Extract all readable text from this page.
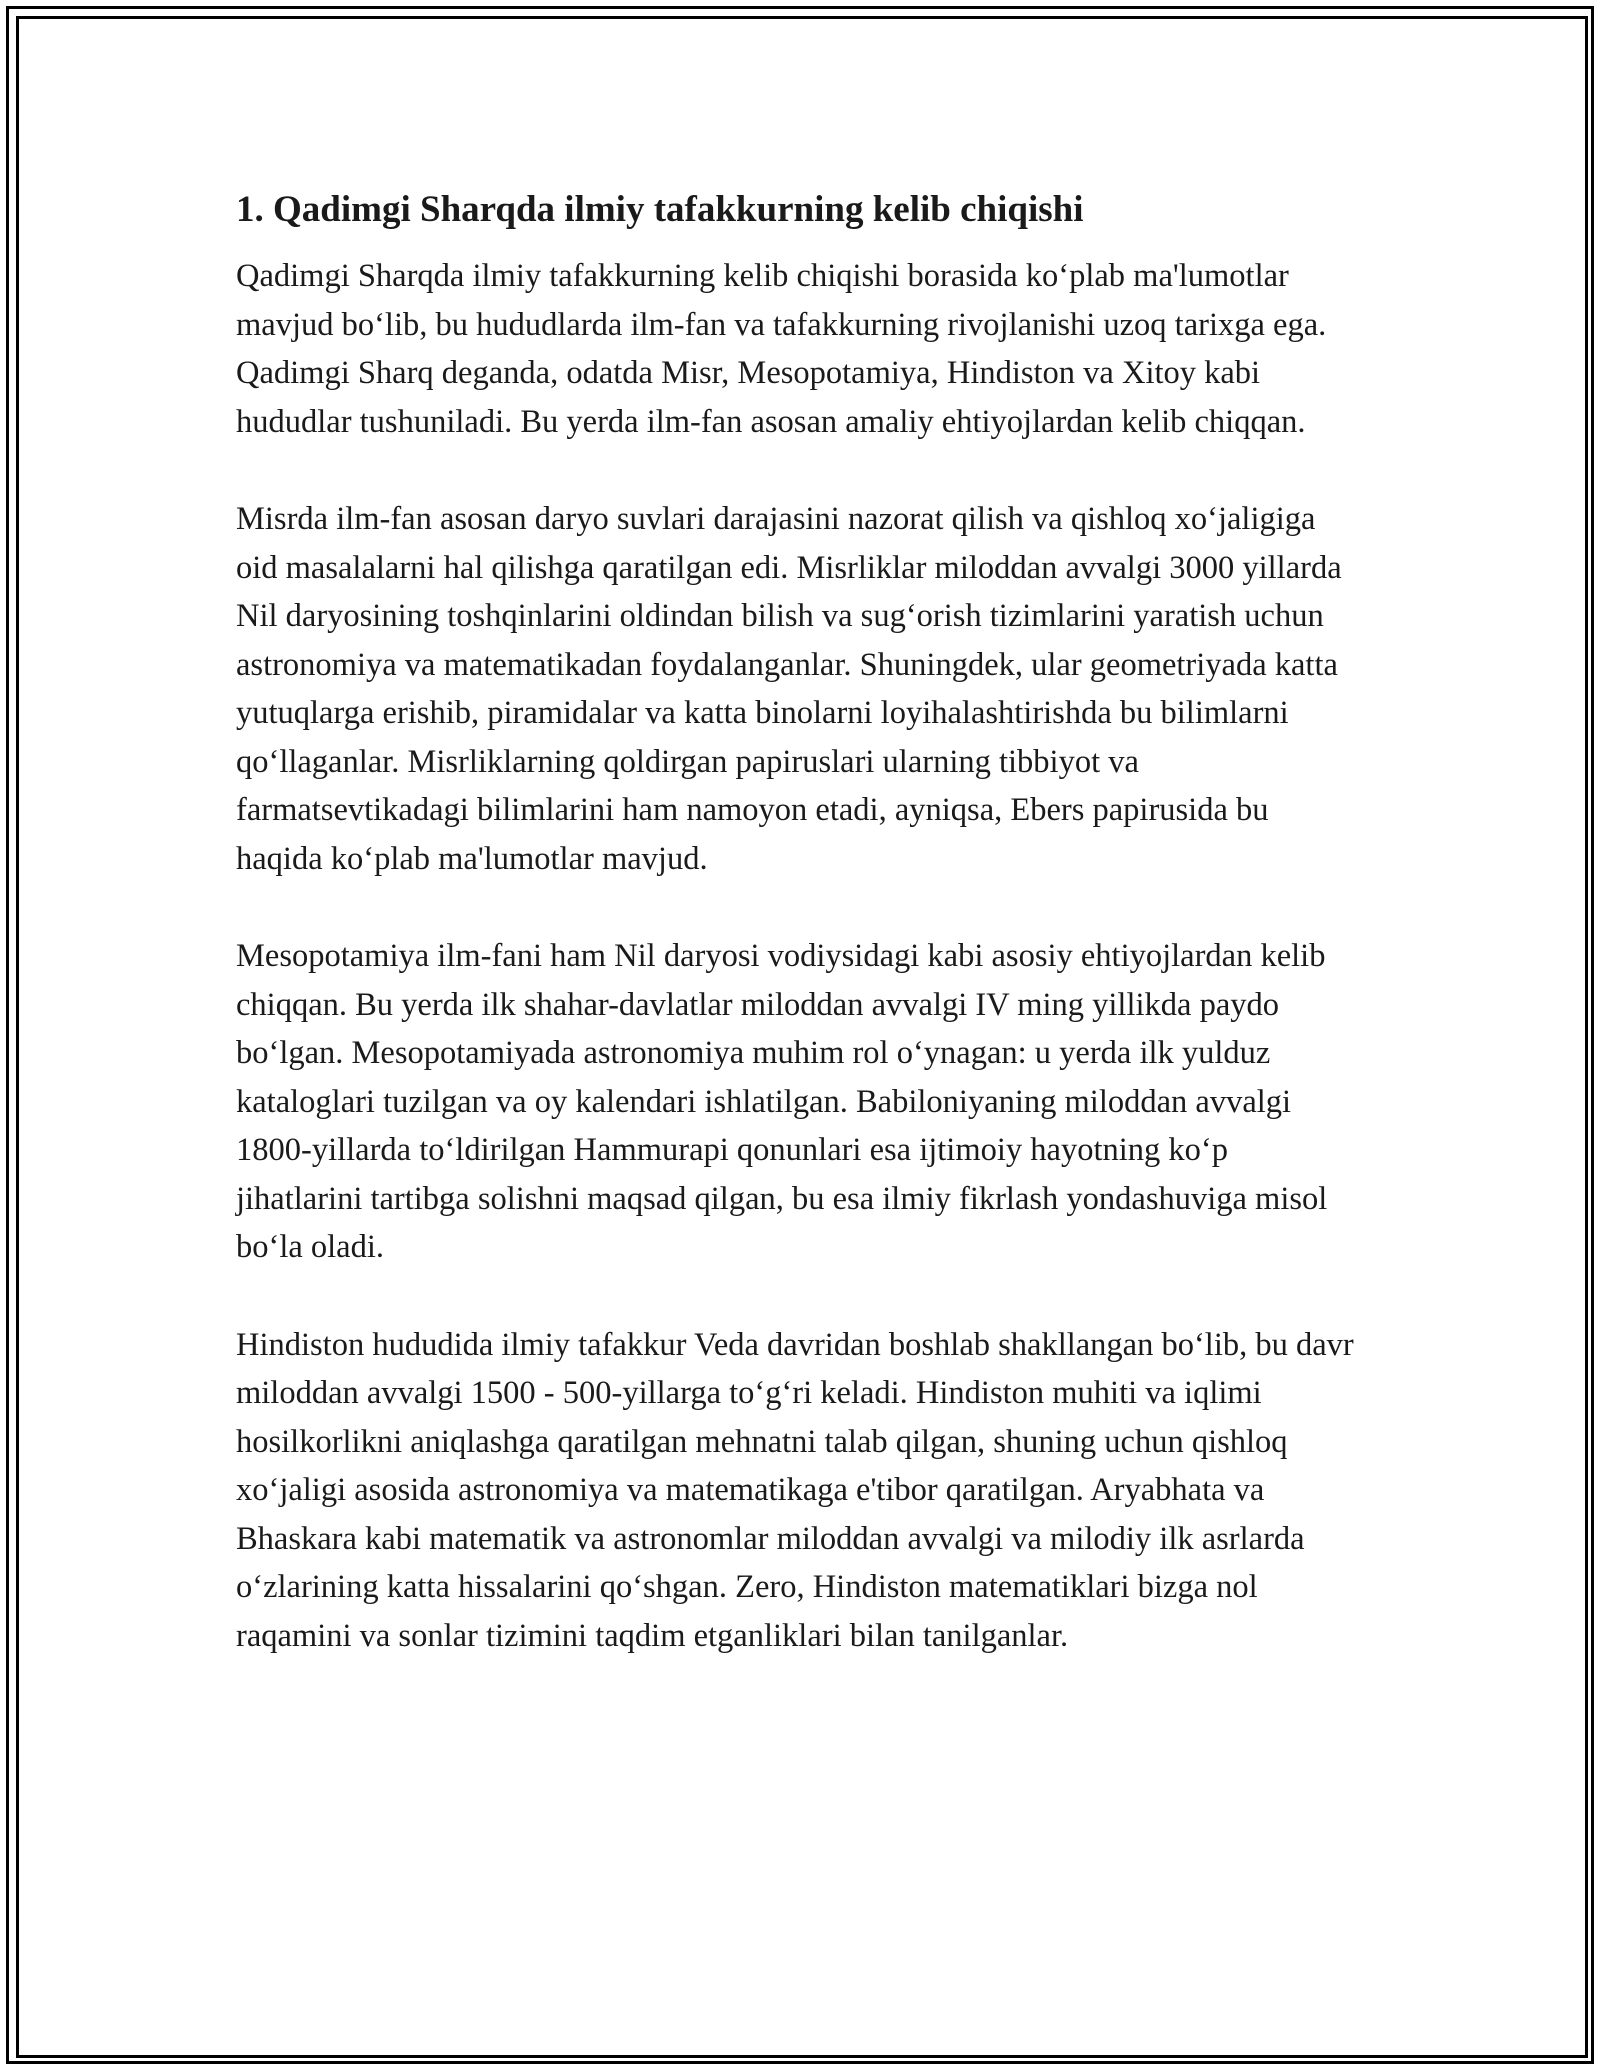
1. Qadimgi Sharqda ilmiy tafakkurning kelib chiqishi

Qadimgi Sharqda ilmiy tafakkurning kelib chiqishi borasida ko‘plab ma'lumotlar mavjud bo‘lib, bu hududlarda ilm-fan va tafakkurning rivojlanishi uzoq tarixga ega. Qadimgi Sharq deganda, odatda Misr, Mesopotamiya, Hindiston va Xitoy kabi hududlar tushuniladi. Bu yerda ilm-fan asosan amaliy ehtiyojlardan kelib chiqqan.

Misrda ilm-fan asosan daryo suvlari darajasini nazorat qilish va qishloq xo‘jaligiga oid masalalarni hal qilishga qaratilgan edi. Misrliklar miloddan avvalgi 3000 yillarda Nil daryosining toshqinlarini oldindan bilish va sug‘orish tizimlarini yaratish uchun astronomiya va matematikadan foydalanganlar. Shuningdek, ular geometriyada katta yutuqlarga erishib, piramidalar va katta binolarni loyihalashtirishda bu bilimlarni qo‘llaganlar. Misrliklarning qoldirgan papiruslari ularning tibbiyot va farmatsevtikadagi bilimlarini ham namoyon etadi, ayniqsa, Ebers papirusida bu haqida ko‘plab ma'lumotlar mavjud.

Mesopotamiya ilm-fani ham Nil daryosi vodiysidagi kabi asosiy ehtiyojlardan kelib chiqqan. Bu yerda ilk shahar-davlatlar miloddan avvalgi IV ming yillikda paydo bo‘lgan. Mesopotamiyada astronomiya muhim rol o‘ynagan: u yerda ilk yulduz kataloglari tuzilgan va oy kalendari ishlatilgan. Babiloniyaning miloddan avvalgi 1800-yillarda to‘ldirilgan Hammurapi qonunlari esa ijtimoiy hayotning ko‘p jihatlarini tartibga solishni maqsad qilgan, bu esa ilmiy fikrlash yondashuviga misol bo‘la oladi.

Hindiston hududida ilmiy tafakkur Veda davridan boshlab shakllangan bo‘lib, bu davr miloddan avvalgi 1500 - 500-yillarga to‘g‘ri keladi. Hindiston muhiti va iqlimi hosilkorlikni aniqlashga qaratilgan mehnatni talab qilgan, shuning uchun qishloq xo‘jaligi asosida astronomiya va matematikaga e'tibor qaratilgan. Aryabhata va Bhaskara kabi matematik va astronomlar miloddan avvalgi va milodiy ilk asrlarda o‘zlarining katta hissalarini qo‘shgan. Zero, Hindiston matematiklari bizga nol raqamini va sonlar tizimini taqdim etganliklari bilan tanilganlar.
